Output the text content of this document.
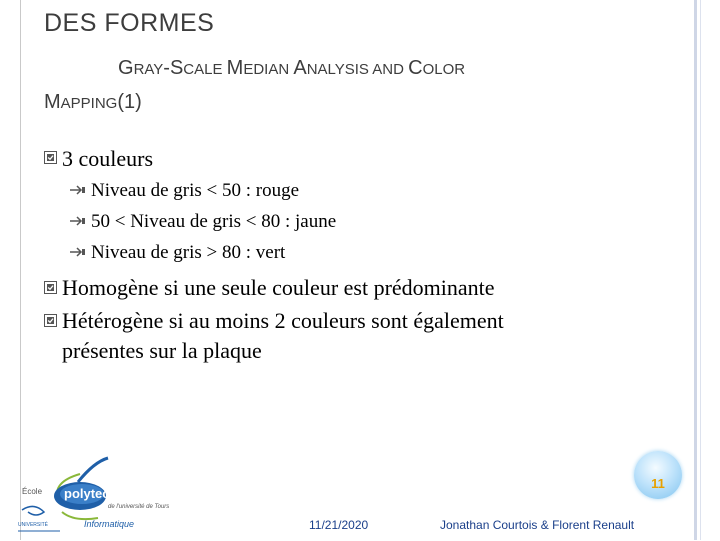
DES FORMES
GRAY-SCALE MEDIAN ANALYSIS AND COLOR
MAPPING(1)
3 couleurs
Niveau de gris < 50 : rouge
50 < Niveau de gris < 80 : jaune
Niveau de gris > 80 : vert
Homogène si une seule couleur est prédominante
Hétérogène si au moins 2 couleurs sont également
présentes sur la plaque
École polytechnique
de l'université de Tours
UNIVERSITÉ	Informatique
11
11/21/2020	Jonathan Courtois & Florent Renault
